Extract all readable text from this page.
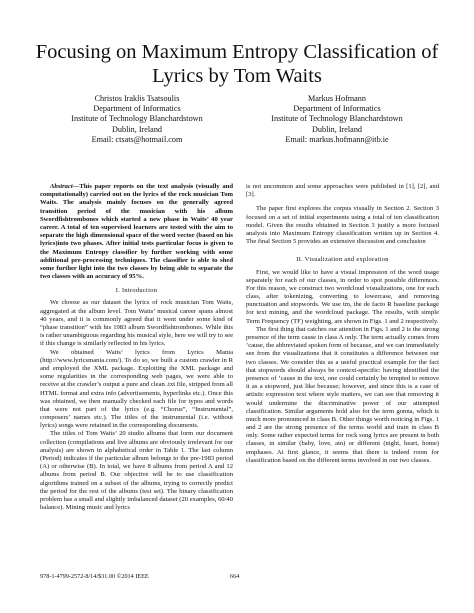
Focusing on Maximum Entropy Classification of Lyrics by Tom Waits
Christos Iraklis Tsatsoulis
Department of Informatics
Institute of Technology Blanchardstown
Dublin, Ireland
Email: ctsats@hotmail.com
Markus Hofmann
Department of Informatics
Institute of Technology Blanchardstown
Dublin, Ireland
Email: markus.hofmann@itb.ie

Abstract—This paper reports on the text analysis (visually and computationally) carried out on the lyrics of the rock musician Tom Waits. The analysis mainly focuses on the generally agreed transition period of the musician with his album Swordfishtrombones which started a new phase in Waits’ 40 year career. A total of ten supervised learners are tested with the aim to separate the high dimensional space of the word vector (based on his lyrics)into two phases. After initial tests particular focus is given to the Maximum Entropy classifier by further working with some additional pre-processing techniques. The classifier is able to shed some further light into the two classes by being able to separate the two classes with an accuracy of 95%.

I. Introduction

We choose as our dataset the lyrics of rock musician Tom Waits, aggregated at the album level. Tom Waits’ musical career spans almost 40 years, and it is commonly agreed that it went under some kind of “phase transition” with his 1983 album Swordfishtrombones. While this is rather unambiguous regarding his musical style, here we will try to see if this change is similarly reflected in his lyrics.

We obtained Waits’ lyrics from Lyrics Mania (http://www.lyricsmania.com/). To do so, we built a custom crawler in R and employed the XML package. Exploiting the XML package and some regularities in the corresponding web pages, we were able to receive at the crawler’s output a pure and clean .txt file, stripped from all HTML format and extra info (advertisements, hyperlinks etc.). Once this was obtained, we then manually checked each file for typos and words that were not part of the lyrics (e.g. “Chorus”, “Instrumental”, composers’ names etc.). The titles of the instrumental (i.e. without lyrics) songs were retained in the corresponding documents.

The titles of Tom Waits’ 20 studio albums that form our document collection (compilations and live albums are obviously irrelevant for our analysis) are shown in alphabetical order in Table 1. The last column (Period) indicates if the particular album belongs to the pre-1983 period (A) or otherwise (B). In total, we have 8 albums from period A and 12 albums from period B. Our objective will be to use classification algorithms trained on a subset of the albums, trying to correctly predict the period for the rest of the albums (test set). The binary classification problem has a small and slightly imbalanced dataset (20 examples, 60/40 balance). Mining music and lyrics

is not uncommon and some approaches were published in [1], [2], and [3].

The paper first explores the corpus visually in Section 2. Section 3 focused on a set of initial experiments using a total of ten classification model. Given the results obtained in Section 3 justify a more focused analysis into Maximum Entropy classification written up in Section 4. The final Section 5 provides an extensive discussion and conclusion

II. Visualization and exploration

First, we would like to have a visual impression of the word usage separately for each of our classes, in order to spot possible differences. For this reason, we construct two wordcloud visualizations, one for each class, after tokenizing, converting to lowercase, and removing punctuation and stopwords. We use tm, the de facto R baseline package for text mining, and the wordcloud package. The results, with simple Term Frequency (TF) weighting, are shown in Figs. 1 and 2 respectively.

The first thing that catches our attention in Figs. 1 and 2 is the strong presence of the term cause in class A only. The term actually comes from ’cause, the abbreviated spoken form of because, and we can immediately see from the visualizations that it constitutes a difference between our two classes. We consider this as a useful practical example for the fact that stopwords should always be context-specific: having identified the presence of ’cause in the text, one could certainly be tempted to remove it as a stopword, just like because; however, and since this is a case of artistic expression text where style matters, we can see that removing it would undermine the discriminative power of our attempted classification. Similar arguments hold also for the term gonna, which is much more pronounced in class B. Other things worth noticing in Figs. 1 and 2 are the strong presence of the terms world and train in class B only. Some rather expected terms for rock song lyrics are present in both classes, in similar (baby, love, ain) or different (night, heart, home) emphases. At first glance, it seems that there is indeed room for classification based on the different terms involved in our two classes.

978-1-4799-2572-8/14/$31.00 ©2014 IEEE	664
